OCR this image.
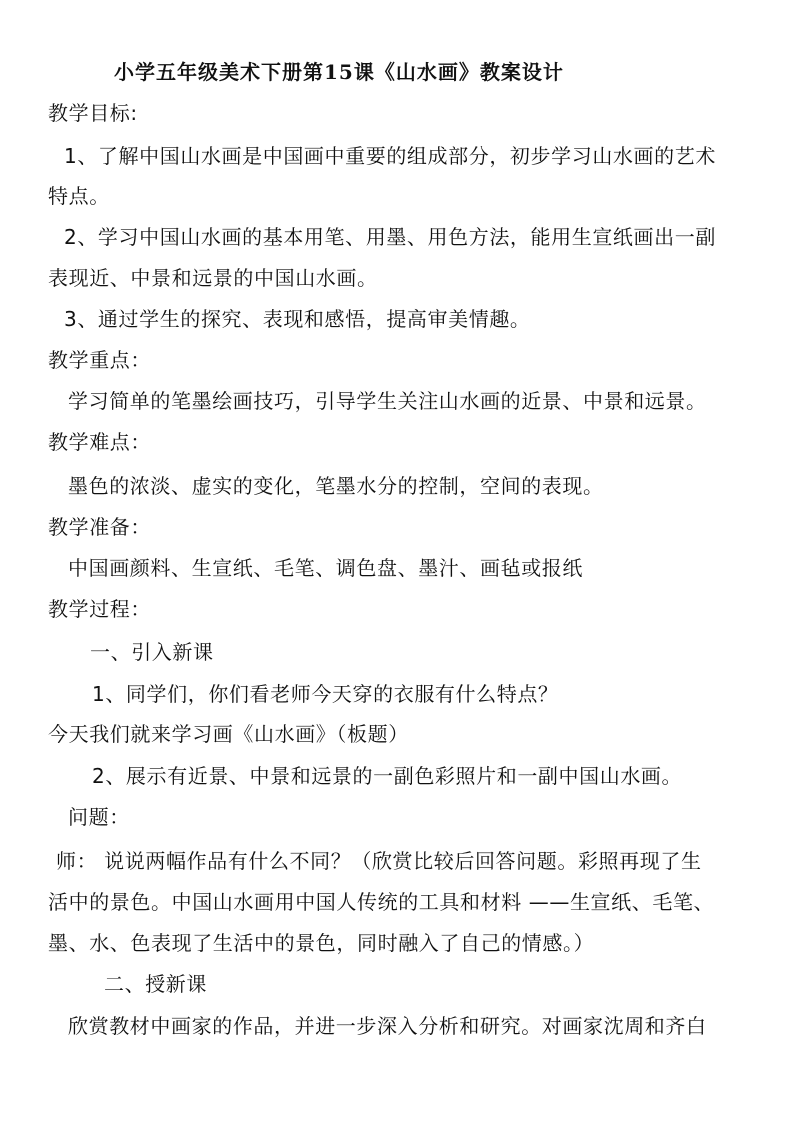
小学五年级美术下册第15课《山水画》教案设计
教学目标:
1、了解中国山水画是中国画中重要的组成部分，初步学习山水画的艺术
特点。
2、学习中国山水画的基本用笔、用墨、用色方法，能用生宣纸画出一副
表现近、中景和远景的中国山水画。
3、通过学生的探究、表现和感悟，提高审美情趣。
教学重点：
学习简单的笔墨绘画技巧，引导学生关注山水画的近景、中景和远景。
教学难点：
墨色的浓淡、虚实的变化，笔墨水分的控制，空间的表现。
教学准备：
中国画颜料、生宣纸、毛笔、调色盘、墨汁、画毡或报纸
教学过程：
一、引入新课
1、同学们，你们看老师今天穿的衣服有什么特点？
今天我们就来学习画《山水画》（板题）
2、展示有近景、中景和远景的一副色彩照片和一副中国山水画。
问题：
师： 说说两幅作品有什么不同？（欣赏比较后回答问题。彩照再现了生
活中的景色。中国山水画用中国人传统的工具和材料 ——生宣纸、毛笔、
墨、水、色表现了生活中的景色，同时融入了自己的情感。）
二、授新课
欣赏教材中画家的作品，并进一步深入分析和研究。对画家沈周和齐白
